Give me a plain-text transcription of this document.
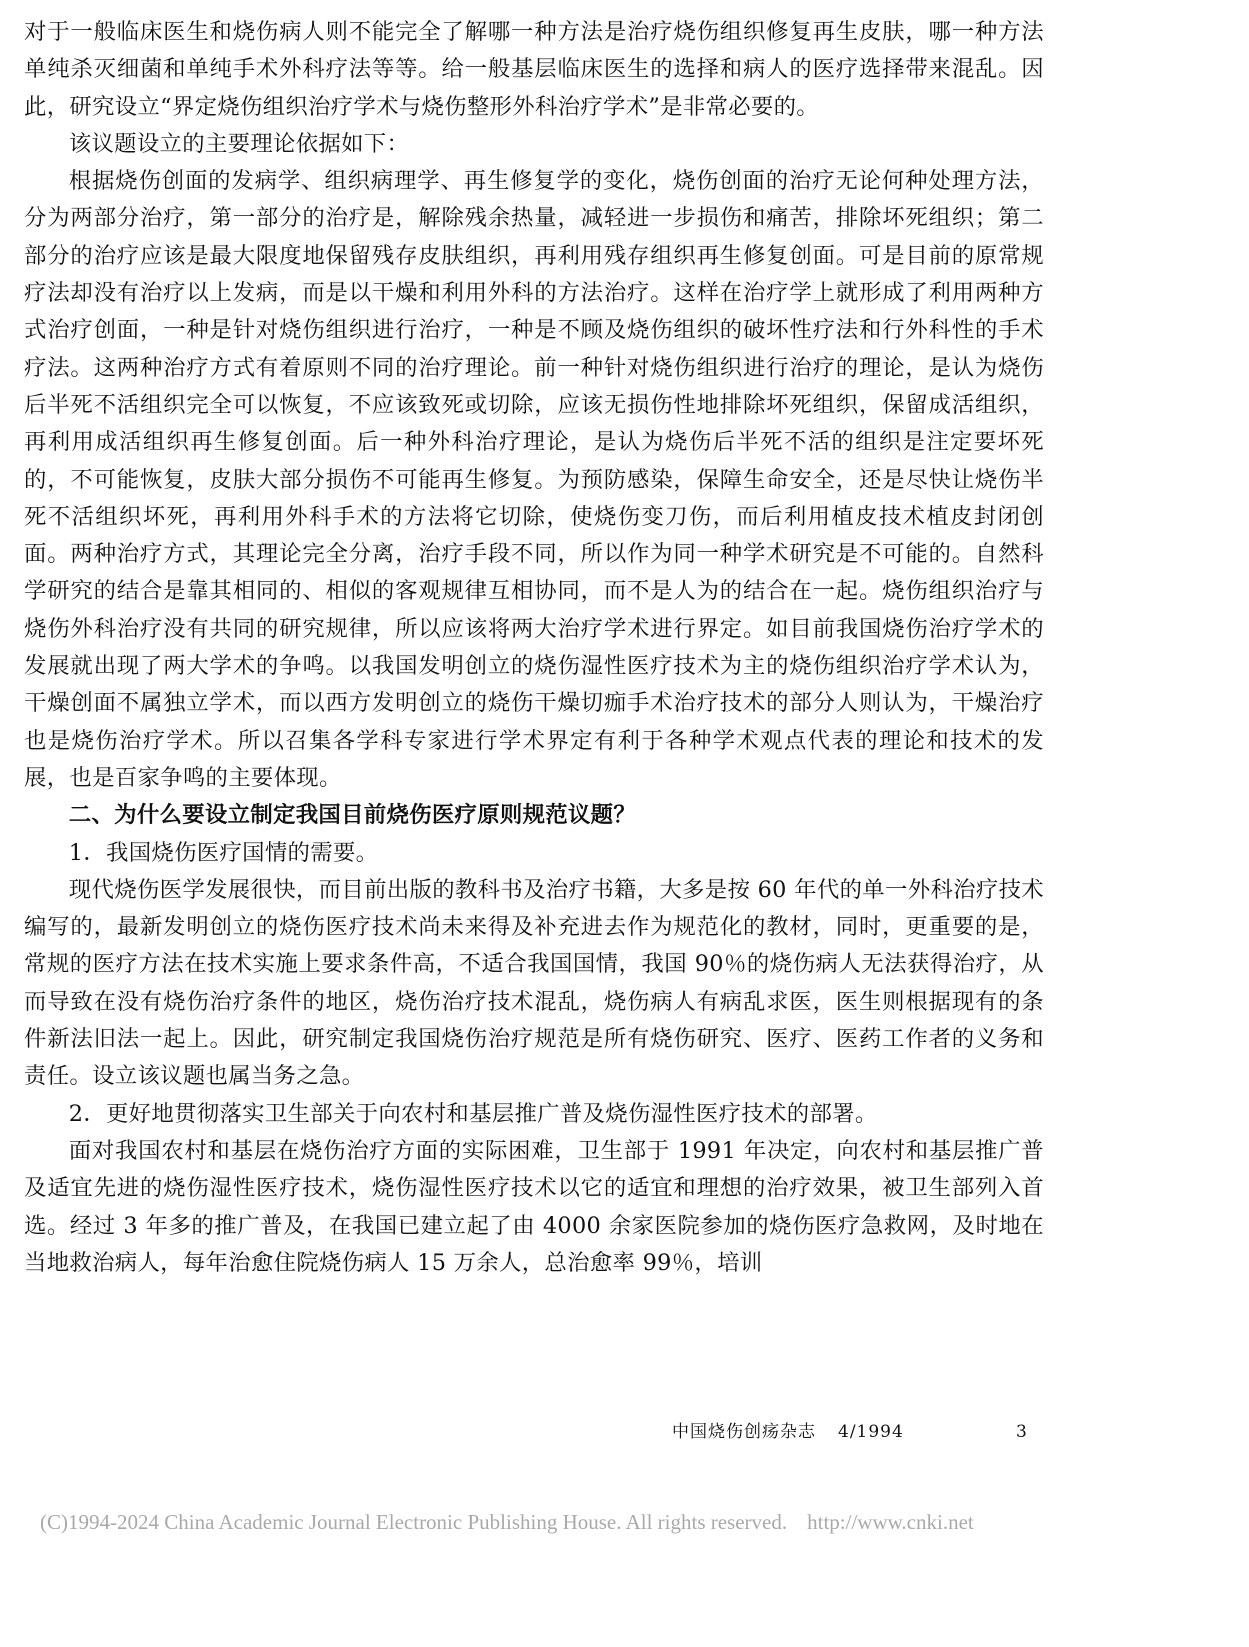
对于一般临床医生和烧伤病人则不能完全了解哪一种方法是治疗烧伤组织修复再生皮肤，哪一种方法单纯杀灭细菌和单纯手术外科疗法等等。给一般基层临床医生的选择和病人的医疗选择带来混乱。因此，研究设立“界定烧伤组织治疗学术与烧伤整形外科治疗学术”是非常必要的。

该议题设立的主要理论依据如下：

根据烧伤创面的发病学、组织病理学、再生修复学的变化，烧伤创面的治疗无论何种处理方法，分为两部分治疗，第一部分的治疗是，解除残余热量，减轻进一步损伤和痛苦，排除坏死组织；第二部分的治疗应该是最大限度地保留残存皮肤组织，再利用残存组织再生修复创面。可是目前的原常规疗法却没有治疗以上发病，而是以干燥和利用外科的方法治疗。这样在治疗学上就形成了利用两种方式治疗创面，一种是针对烧伤组织进行治疗，一种是不顾及烧伤组织的破坏性疗法和行外科性的手术疗法。这两种治疗方式有着原则不同的治疗理论。前一种针对烧伤组织进行治疗的理论，是认为烧伤后半死不活组织完全可以恢复，不应该致死或切除，应该无损伤性地排除坏死组织，保留成活组织，再利用成活组织再生修复创面。后一种外科治疗理论，是认为烧伤后半死不活的组织是注定要坏死的，不可能恢复，皮肤大部分损伤不可能再生修复。为预防感染，保障生命安全，还是尽快让烧伤半死不活组织坏死，再利用外科手术的方法将它切除，使烧伤变刀伤，而后利用植皮技术植皮封闭创面。两种治疗方式，其理论完全分离，治疗手段不同，所以作为同一种学术研究是不可能的。自然科学研究的结合是靠其相同的、相似的客观规律互相协同，而不是人为的结合在一起。烧伤组织治疗与烧伤外科治疗没有共同的研究规律，所以应该将两大治疗学术进行界定。如目前我国烧伤治疗学术的发展就出现了两大学术的争鸣。以我国发明创立的烧伤湿性医疗技术为主的烧伤组织治疗学术认为，干燥创面不属独立学术，而以西方发明创立的烧伤干燥切痂手术治疗技术的部分人则认为，干燥治疗也是烧伤治疗学术。所以召集各学科专家进行学术界定有利于各种学术观点代表的理论和技术的发展，也是百家争鸣的主要体现。

二、为什么要设立制定我国目前烧伤医疗原则规范议题？

1．我国烧伤医疗国情的需要。

现代烧伤医学发展很快，而目前出版的教科书及治疗书籍，大多是按 60 年代的单一外科治疗技术编写的，最新发明创立的烧伤医疗技术尚未来得及补充进去作为规范化的教材，同时，更重要的是，常规的医疗方法在技术实施上要求条件高，不适合我国国情，我国 90％的烧伤病人无法获得治疗，从而导致在没有烧伤治疗条件的地区，烧伤治疗技术混乱，烧伤病人有病乱求医，医生则根据现有的条件新法旧法一起上。因此，研究制定我国烧伤治疗规范是所有烧伤研究、医疗、医药工作者的义务和责任。设立该议题也属当务之急。

2．更好地贯彻落实卫生部关于向农村和基层推广普及烧伤湿性医疗技术的部署。

面对我国农村和基层在烧伤治疗方面的实际困难，卫生部于 1991 年决定，向农村和基层推广普及适宜先进的烧伤湿性医疗技术，烧伤湿性医疗技术以它的适宜和理想的治疗效果，被卫生部列入首选。经过 3 年多的推广普及，在我国已建立起了由 4000 余家医院参加的烧伤医疗急救网，及时地在当地救治病人，每年治愈住院烧伤病人 15 万余人，总治愈率 99％，培训

中国烧伤创疡杂志 4/1994	3
(C)1994-2024 China Academic Journal Electronic Publishing House. All rights reserved. http://www.cnki.net
